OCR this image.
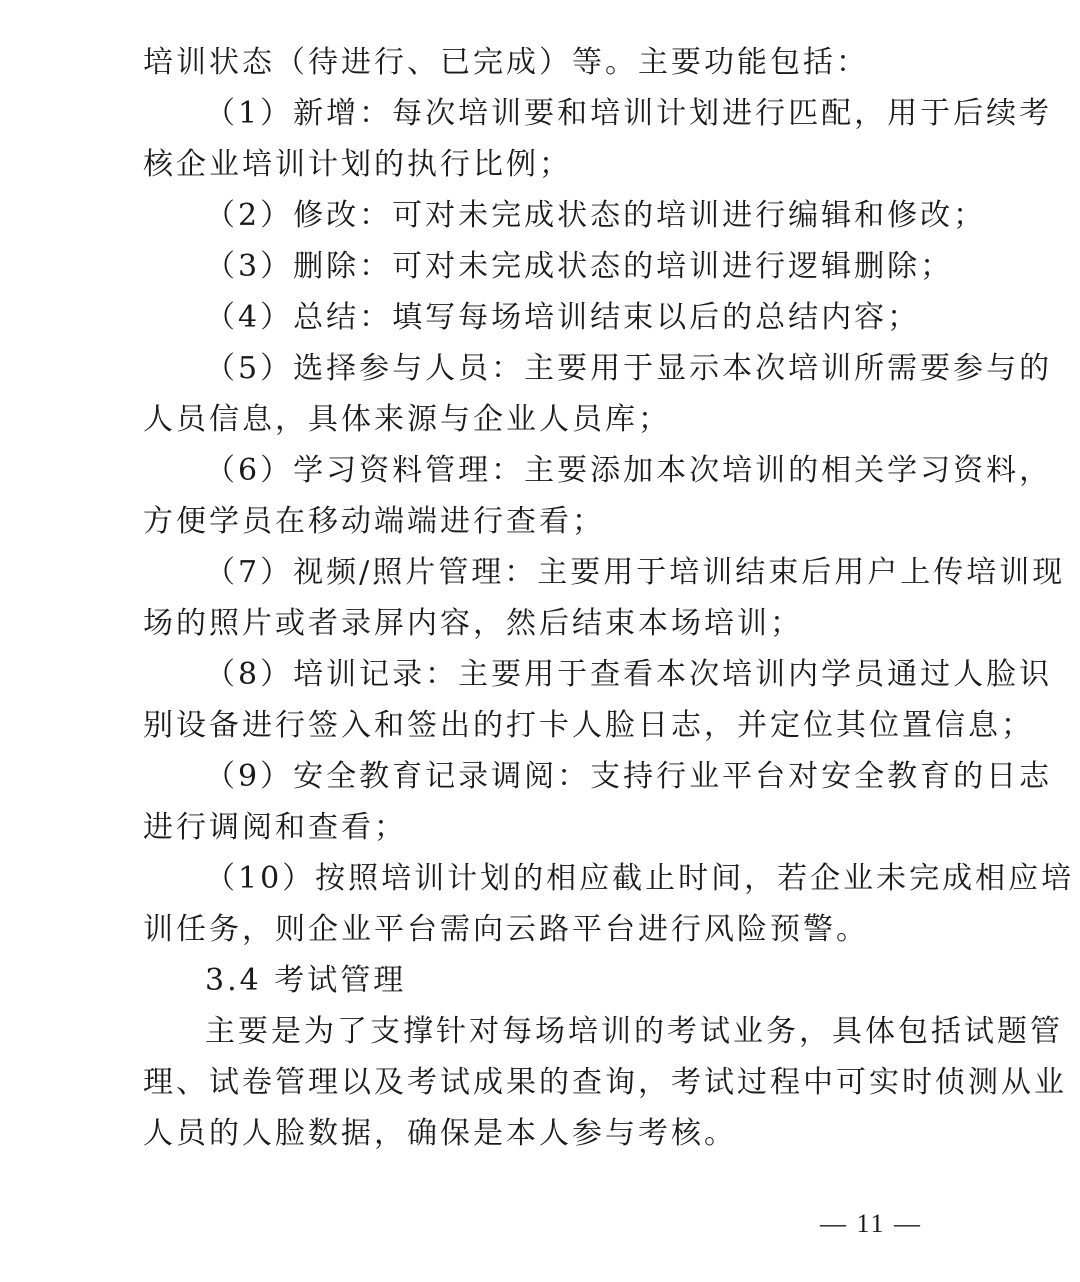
培训状态（待进行、已完成）等。主要功能包括：
（1）新增：每次培训要和培训计划进行匹配，用于后续考
核企业培训计划的执行比例；
（2）修改：可对未完成状态的培训进行编辑和修改；
（3）删除：可对未完成状态的培训进行逻辑删除；
（4）总结：填写每场培训结束以后的总结内容；
（5）选择参与人员：主要用于显示本次培训所需要参与的
人员信息，具体来源与企业人员库；
（6）学习资料管理：主要添加本次培训的相关学习资料，
方便学员在移动端端进行查看；
（7）视频/照片管理：主要用于培训结束后用户上传培训现
场的照片或者录屏内容，然后结束本场培训；
（8）培训记录：主要用于查看本次培训内学员通过人脸识
别设备进行签入和签出的打卡人脸日志，并定位其位置信息；
（9）安全教育记录调阅：支持行业平台对安全教育的日志
进行调阅和查看；
（10）按照培训计划的相应截止时间，若企业未完成相应培
训任务，则企业平台需向云路平台进行风险预警。
3.4 考试管理
主要是为了支撑针对每场培训的考试业务，具体包括试题管
理、试卷管理以及考试成果的查询，考试过程中可实时侦测从业
人员的人脸数据，确保是本人参与考核。
— 11 —
